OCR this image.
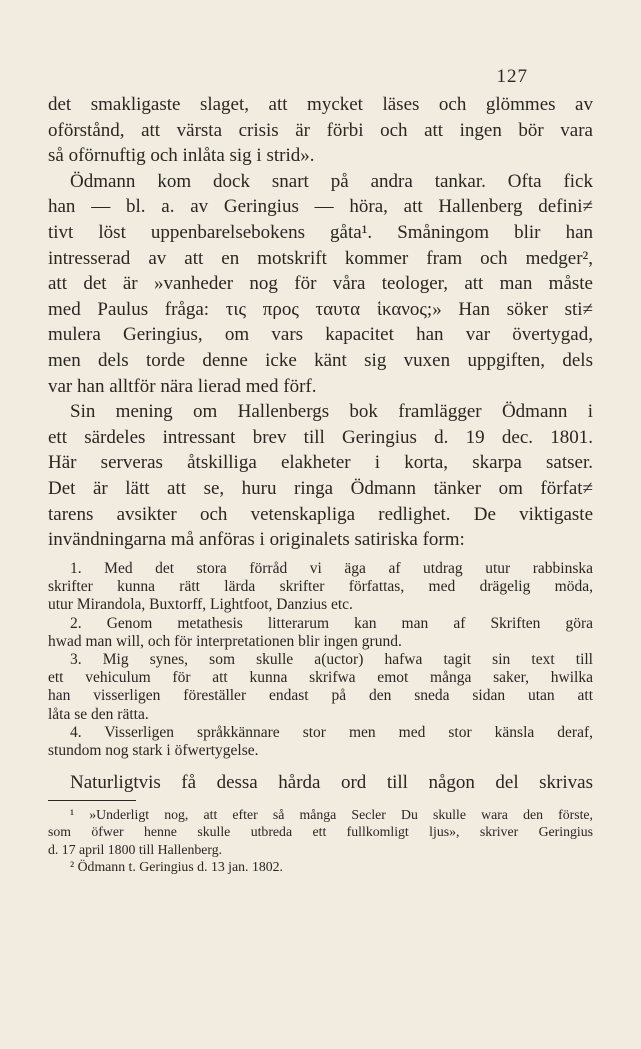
127

det smakligaste slaget, att mycket läses och glömmes av
oförstånd, att värsta crisis är förbi och att ingen bör vara
så oförnuftig och inlåta sig i strid».

Ödmann kom dock snart på andra tankar. Ofta fick
han — bl. a. av Geringius — höra, att Hallenberg defini≠
tivt löst uppenbarelsebokens gåta¹. Småningom blir han
intresserad av att en motskrift kommer fram och medger²,
att det är »vanheder nog för våra teologer, att man måste
med Paulus fråga: τις προς ταυτα ἱκανος;» Han söker sti≠
mulera Geringius, om vars kapacitet han var övertygad,
men dels torde denne icke känt sig vuxen uppgiften, dels
var han alltför nära lierad med förf.

Sin mening om Hallenbergs bok framlägger Ödmann i
ett särdeles intressant brev till Geringius d. 19 dec. 1801.
Här serveras åtskilliga elakheter i korta, skarpa satser.
Det är lätt att se, huru ringa Ödmann tänker om förfat≠
tarens avsikter och vetenskapliga redlighet. De viktigaste
invändningarna må anföras i originalets satiriska form:

1. Med det stora förråd vi äga af utdrag utur rabbinska
skrifter kunna rätt lärda skrifter författas, med drägelig möda,
utur Mirandola, Buxtorff, Lightfoot, Danzius etc.
2. Genom metathesis litterarum kan man af Skriften göra
hwad man will, och för interpretationen blir ingen grund.
3. Mig synes, som skulle a(uctor) hafwa tagit sin text till
ett vehiculum för att kunna skrifwa emot många saker, hwilka
han visserligen föreställer endast på den sneda sidan utan att
låta se den rätta.
4. Visserligen språkkännare stor men med stor känsla deraf,
stundom nog stark i öfwertygelse.
Naturligtvis få dessa hårda ord till någon del skrivas
¹ »Underligt nog, att efter så många Secler Du skulle wara den förste,
som öfwer henne skulle utbreda ett fullkomligt ljus», skriver Geringius
d. 17 april 1800 till Hallenberg.
² Ödmann t. Geringius d. 13 jan. 1802.
